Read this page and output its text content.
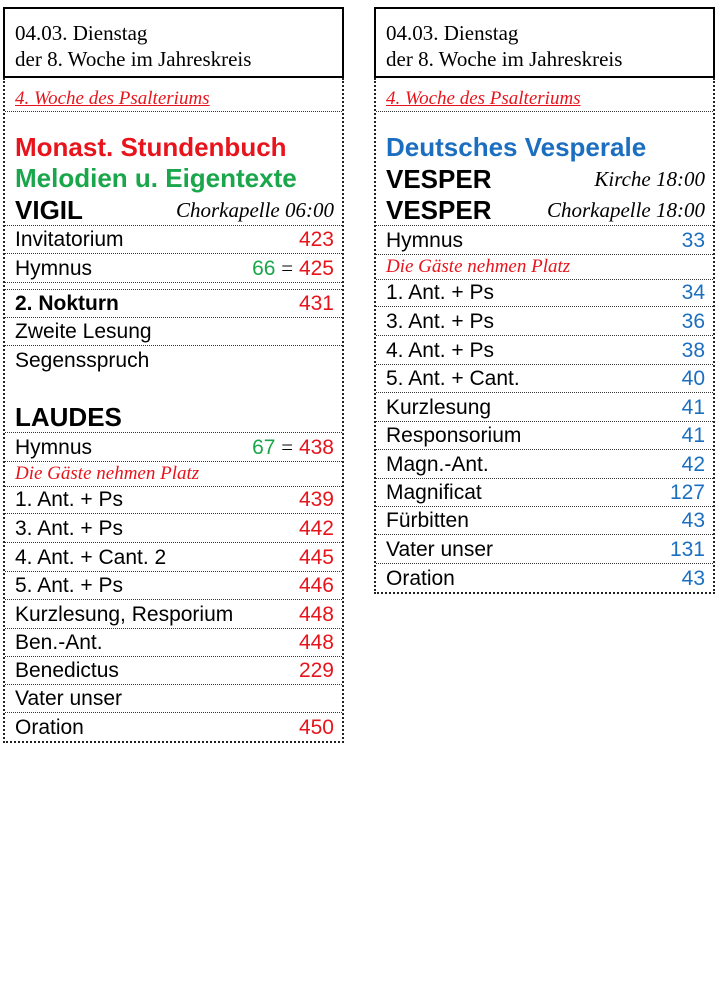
04.03. Dienstag
der 8. Woche im Jahreskreis
4. Woche des Psalteriums
Monast. Stundenbuch
Melodien u. Eigentexte
VIGIL	Chorkapelle 06:00
Invitatorium	423
Hymnus	66 = 425
2. Nokturn	431
Zweite Lesung
Segensspruch
LAUDES
Hymnus	67 = 438
Die Gäste nehmen Platz
1. Ant. + Ps	439
3. Ant. + Ps	442
4. Ant. + Cant. 2	445
5. Ant. + Ps	446
Kurzlesung, Resporium	448
Ben.-Ant.	448
Benedictus	229
Vater unser
Oration	450
04.03. Dienstag
der 8. Woche im Jahreskreis
4. Woche des Psalteriums
Deutsches Vesperale
VESPER	Kirche 18:00
VESPER	Chorkapelle 18:00
Hymnus	33
Die Gäste nehmen Platz
1. Ant. + Ps	34
3. Ant. + Ps	36
4. Ant. + Ps	38
5. Ant. + Cant.	40
Kurzlesung	41
Responsorium	41
Magn.-Ant.	42
Magnificat	127
Fürbitten	43
Vater unser	131
Oration	43
